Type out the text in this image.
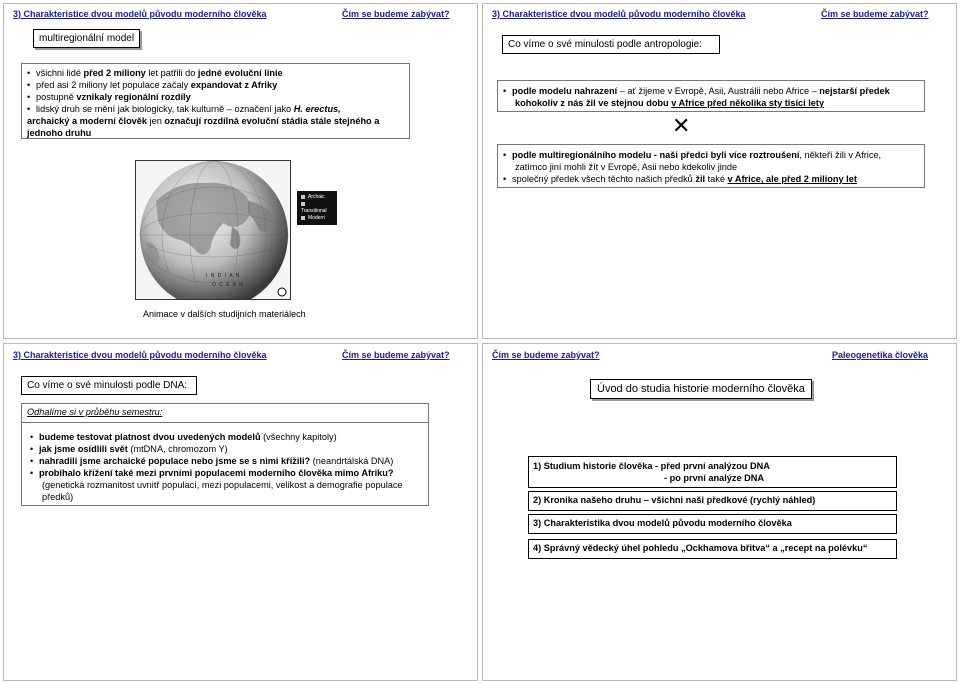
3) Charakteristice dvou modelů původu moderního člověka	Čím se budeme zabývat?
multiregionální model
• všichni lidé před 2 miliony let patřili do jedné evoluční linie
• před asi 2 miliony let populace začaly expandovat z Afriky
• postupně vznikaly regionální rozdíly
• lidský druh se mění jak biologicky, tak kulturně – označení jako H. erectus,
archaický a moderní člověk jen označují rozdílná evoluční stádia stále stejného a jednoho druhu
I N D I A N
O C E A N
Archaic
Transitional
Modern
Animace v dalších studijních materiálech
3) Charakteristice dvou modelů původu moderního člověka	Čím se budeme zabývat?
Co víme o své minulosti podle antropologie:
• podle modelu nahrazení – ať žijeme v Evropě, Asii, Austrálii nebo Africe – nejstarší předek
kohokoliv z nás žil ve stejnou dobu v Africe před několika sty tisíci lety
✕
• podle multiregionálního modelu - naši předci byli více roztroušení, někteří žili v Africe,
zatímco jiní mohli žít v Evropě, Asii nebo kdekoliv jinde
• společný předek všech těchto našich předků žil také v Africe, ale před 2 miliony let
3) Charakteristice dvou modelů původu moderního člověka	Čím se budeme zabývat?
Co víme o své minulosti podle DNA:
Odhalíme si v průběhu semestru:
• budeme testovat platnost dvou uvedených modelů (všechny kapitoly)
• jak jsme osídlili svět (mtDNA, chromozom Y)
• nahradili jsme archaické populace nebo jsme se s nimi křížili? (neandrtálská DNA)
• probíhalo křížení také mezi prvními populacemi moderního člověka mimo Afriku?
(genetická rozmanitost uvnitř populací, mezi populacemi, velikost a demografie populace předků)
Čím se budeme zabývat?	Paleogenetika člověka
Úvod do studia historie moderního člověka
1) Studium historie člověka - před první analýzou DNA
- po první analýze DNA
2) Kronika našeho druhu – všichni naši předkové (rychlý náhled)
3) Charakteristika dvou modelů původu moderního člověka
4) Správný vědecký úhel pohledu „Ockhamova břitva“ a „recept na polévku“
